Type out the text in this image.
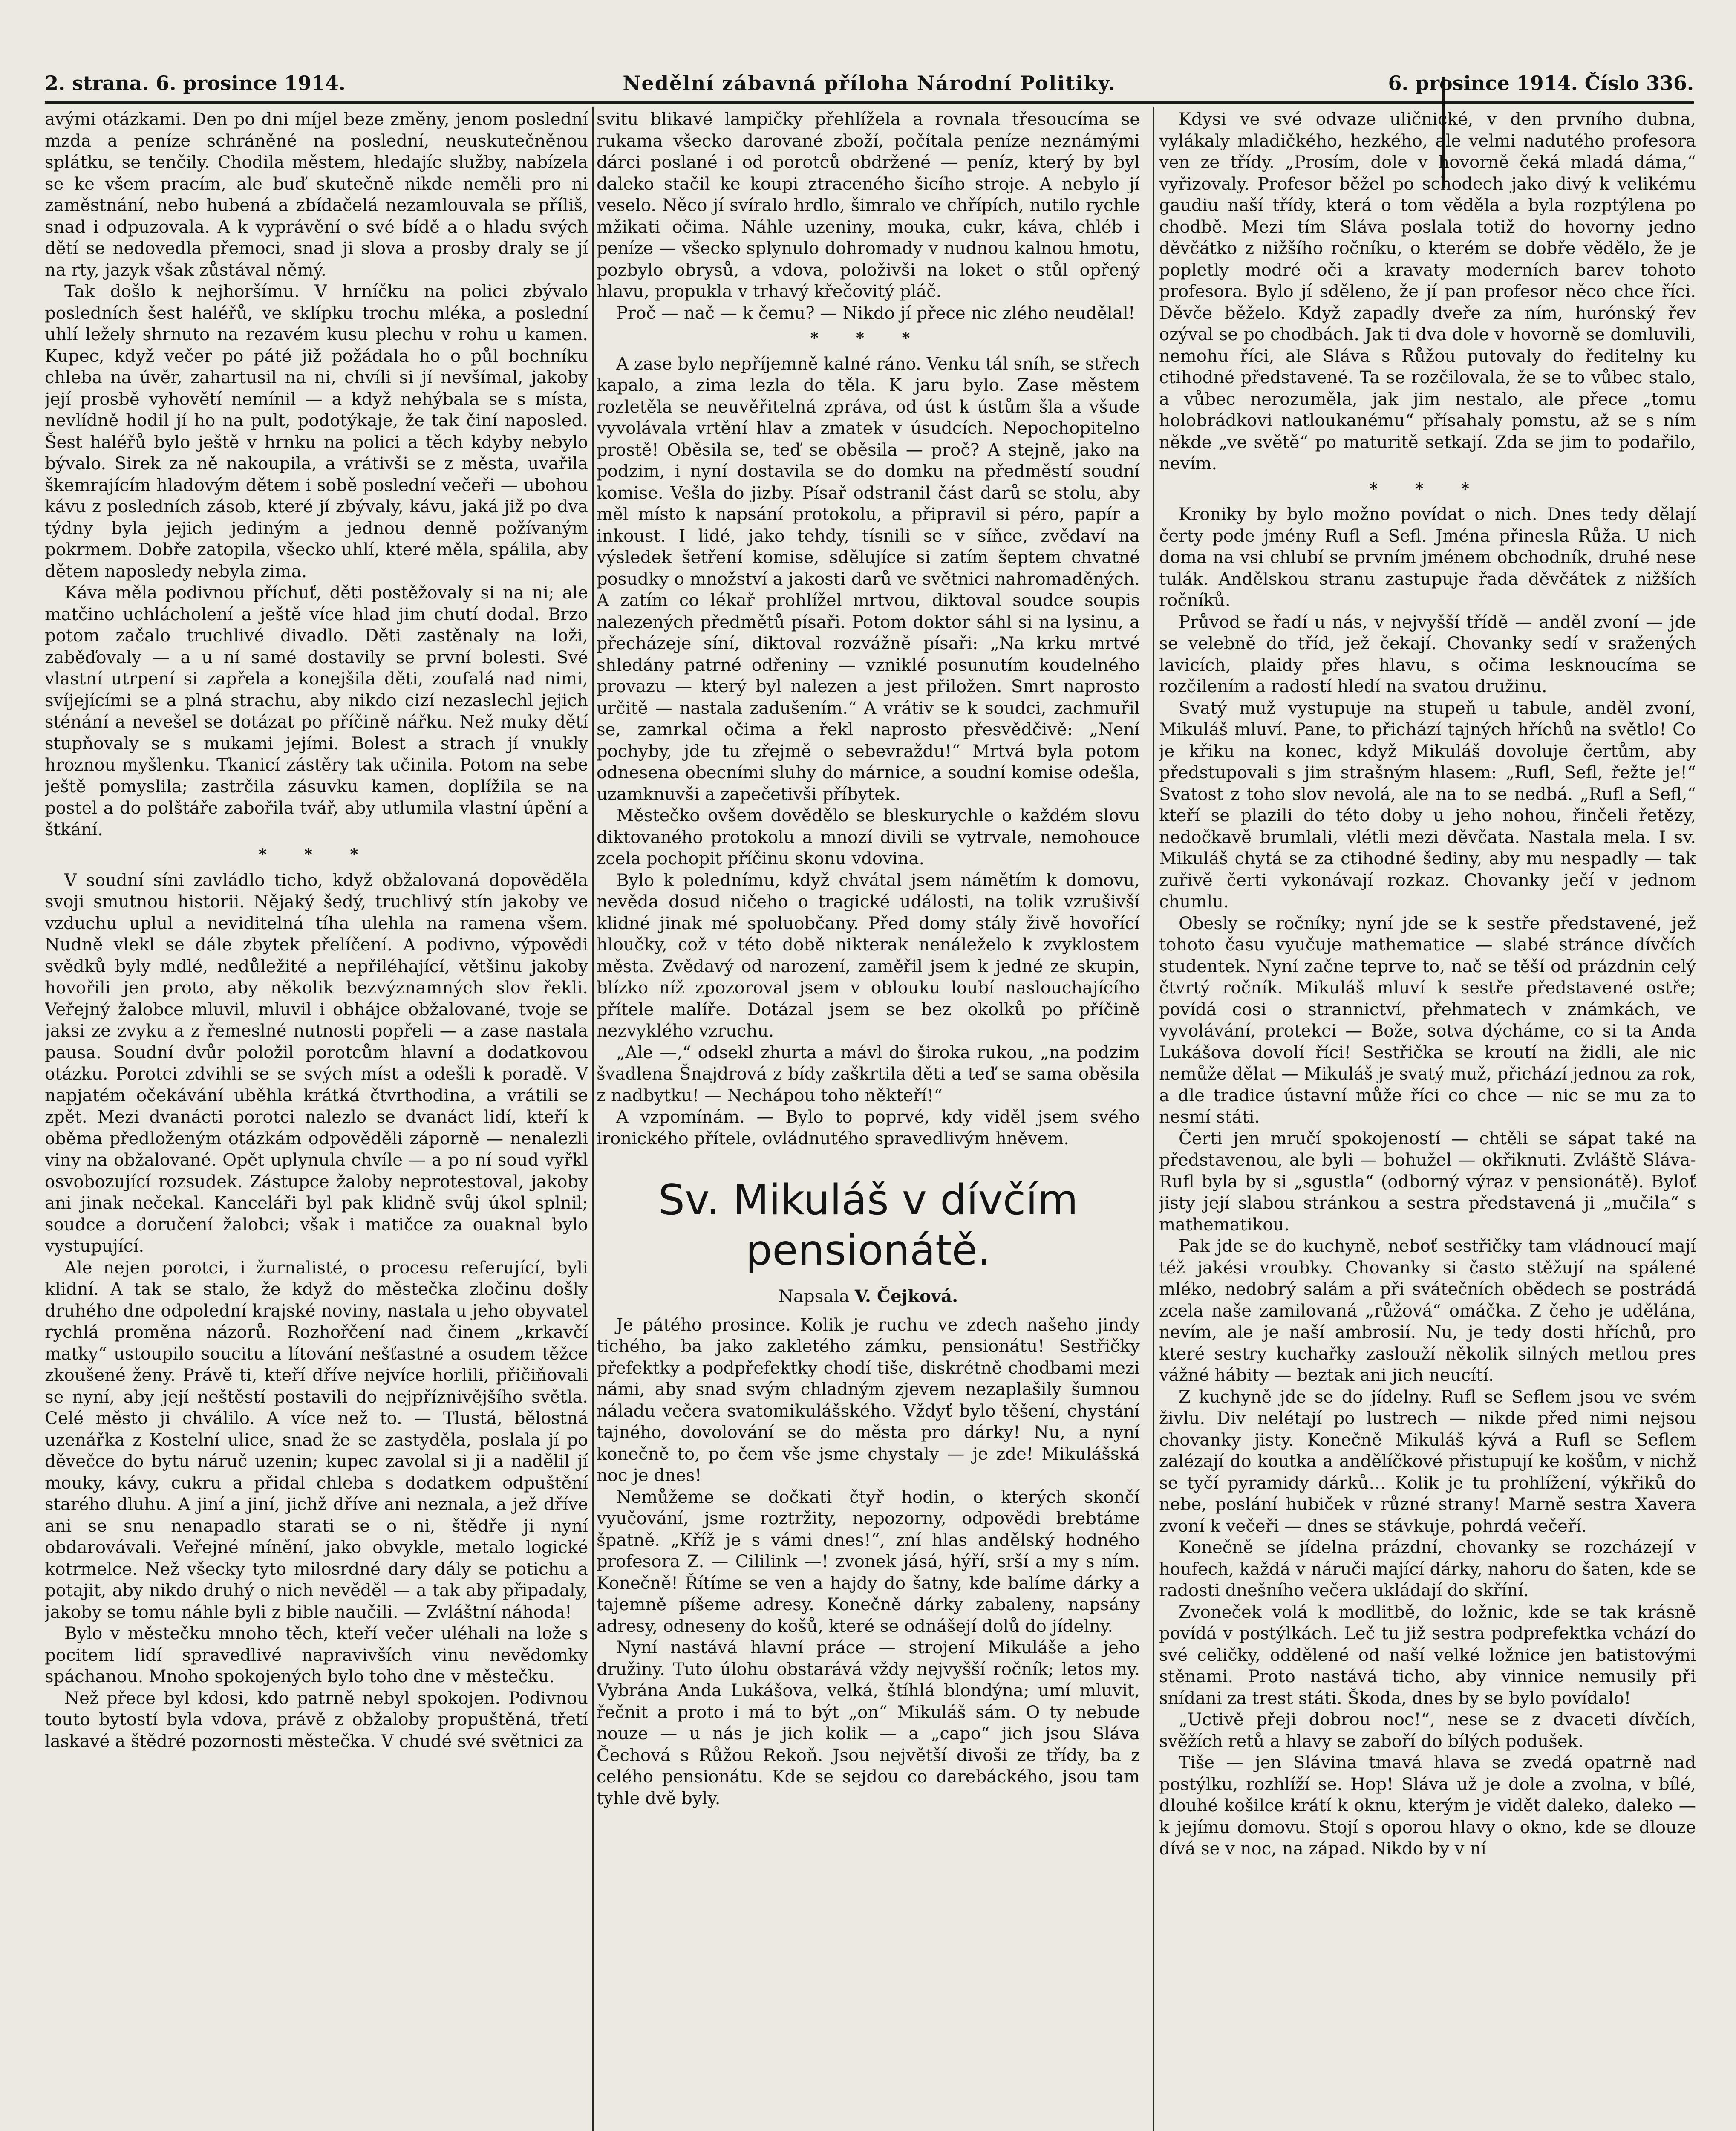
2. strana. 6. prosince 1914.	Nedělní zábavná příloha Národní Politiky.	6. prosince 1914. Číslo 336.

avými otázkami. Den po dni míjel beze změny, jenom poslední mzda a peníze schráněné na poslední, neuskutečněnou splátku, se tenčily. Chodila městem, hledajíc služby, nabízela se ke všem pracím, ale buď skutečně nikde neměli pro ni zaměstnání, nebo hubená a zbídačelá nezamlouvala se příliš, snad i odpuzovala. A k vyprávění o své bídě a o hladu svých dětí se nedovedla přemoci, snad ji slova a prosby draly se jí na rty, jazyk však zůstával němý.

Tak došlo k nejhoršímu. V hrníčku na polici zbývalo posledních šest haléřů, ve sklípku trochu mléka, a poslední uhlí ležely shrnuto na rezavém kusu plechu v rohu u kamen. Kupec, když večer po páté již požádala ho o půl bochníku chleba na úvěr, zahartusil na ni, chvíli si jí nevšímal, jakoby její prosbě vyhovětí nemínil — a když nehýbala se s místa, nevlídně hodil jí ho na pult, podotýkaje, že tak činí naposled. Šest haléřů bylo ještě v hrnku na polici a těch kdyby nebylo bývalo. Sirek za ně nakoupila, a vrátivši se z města, uvařila škemrajícím hladovým dětem i sobě poslední večeři — ubohou kávu z posledních zásob, které jí zbývaly, kávu, jaká již po dva týdny byla jejich jediným a jednou denně požívaným pokrmem. Dobře zatopila, všecko uhlí, které měla, spálila, aby dětem naposledy nebyla zima.

Káva měla podivnou příchuť, děti postěžovaly si na ni; ale matčino uchlácholení a ještě více hlad jim chutí dodal. Brzo potom začalo truchlivé divadlo. Děti zastěnaly na loži, zaběďovaly — a u ní samé dostavily se první bolesti. Své vlastní utrpení si zapřela a konejšila děti, zoufalá nad nimi, svíjejícími se a plná strachu, aby nikdo cizí nezaslechl jejich sténání a nevešel se dotázat po příčině nářku. Než muky dětí stupňovaly se s mukami jejími. Bolest a strach jí vnukly hroznou myšlenku. Tkanicí zástěry tak učinila. Potom na sebe ještě pomyslila; zastrčila zásuvku kamen, doplížila se na postel a do polštáře zabořila tvář, aby utlumila vlastní úpění a štkání.

* * *

V soudní síni zavládlo ticho, když obžalovaná dopověděla svoji smutnou historii. Nějaký šedý, truchlivý stín jakoby ve vzduchu uplul a neviditelná tíha ulehla na ramena všem. Nudně vlekl se dále zbytek přelíčení. A podivno, výpovědi svědků byly mdlé, nedůležité a nepřiléhající, většinu jakoby hovořili jen proto, aby několik bezvýznamných slov řekli. Veřejný žalobce mluvil, mluvil i obhájce obžalované, tvoje se jaksi ze zvyku a z řemeslné nutnosti popřeli — a zase nastala pausa. Soudní dvůr položil porotcům hlavní a dodatkovou otázku. Porotci zdvihli se se svých míst a odešli k poradě. V napjatém očekávání uběhla krátká čtvrthodina, a vrátili se zpět. Mezi dvanácti porotci nalezlo se dvanáct lidí, kteří k oběma předloženým otázkám odpověděli záporně — nenalezli viny na obžalované. Opět uplynula chvíle — a po ní soud vyřkl osvobozující rozsudek. Zástupce žaloby neprotestoval, jakoby ani jinak nečekal. Kanceláři byl pak klidně svůj úkol splnil; soudce a doručení žalobci; však i matičce za ouaknal bylo vystupující.

Ale nejen porotci, i žurnalisté, o procesu referující, byli klidní. A tak se stalo, že když do městečka zločinu došly druhého dne odpolední krajské noviny, nastala u jeho obyvatel rychlá proměna názorů. Rozhořčení nad činem „krkavčí matky“ ustoupilo soucitu a lítování nešťastné a osudem těžce zkoušené ženy. Právě ti, kteří dříve nejvíce horlili, přičiňovali se nyní, aby její neštěstí postavili do nejpříznivějšího světla. Celé město ji chválilo. A více než to. — Tlustá, bělostná uzenářka z Kostelní ulice, snad že se zastyděla, poslala jí po děvečce do bytu náruč uzenin; kupec zavolal si ji a nadělil jí mouky, kávy, cukru a přidal chleba s dodatkem odpuštění starého dluhu. A jiní a jiní, jichž dříve ani neznala, a jež dříve ani se snu nenapadlo starati se o ni, štědře ji nyní obdarovávali. Veřejné mínění, jako obvykle, metalo logické kotrmelce. Než všecky tyto milosrdné dary dály se potichu a potajit, aby nikdo druhý o nich nevěděl — a tak aby připadaly, jakoby se tomu náhle byli z bible naučili. — Zvláštní náhoda!

Bylo v městečku mnoho těch, kteří večer uléhali na lože s pocitem lidí spravedlivé napravivších vinu nevědomky spáchanou. Mnoho spokojených bylo toho dne v městečku.

Než přece byl kdosi, kdo patrně nebyl spokojen. Podivnou touto bytostí byla vdova, právě z obžaloby propuštěná, třetí laskavé a štědré pozornosti městečka. V chudé své světnici za

svitu blikavé lampičky přehlížela a rovnala třesoucíma se rukama všecko darované zboží, počítala peníze neznámými dárci poslané i od porotců obdržené — peníz, který by byl daleko stačil ke koupi ztraceného šicího stroje. A nebylo jí veselo. Něco jí svíralo hrdlo, šimralo ve chřípích, nutilo rychle mžikati očima. Náhle uzeniny, mouka, cukr, káva, chléb i peníze — všecko splynulo dohromady v nudnou kalnou hmotu, pozbylo obrysů, a vdova, položivši na loket o stůl opřený hlavu, propukla v trhavý křečovitý pláč.

Proč — nač — k čemu? — Nikdo jí přece nic zlého neudělal!

* * *

A zase bylo nepříjemně kalné ráno. Venku tál sníh, se střech kapalo, a zima lezla do těla. K jaru bylo. Zase městem rozletěla se neuvěřitelná zpráva, od úst k ústům šla a všude vyvolávala vrtění hlav a zmatek v úsudcích. Nepochopitelno prostě! Oběsila se, teď se oběsila — proč? A stejně, jako na podzim, i nyní dostavila se do domku na předměstí soudní komise. Vešla do jizby. Písař odstranil část darů se stolu, aby měl místo k napsání protokolu, a připravil si péro, papír a inkoust. I lidé, jako tehdy, tísnili se v síňce, zvědaví na výsledek šetření komise, sdělujíce si zatím šeptem chvatné posudky o množství a jakosti darů ve světnici nahromaděných. A zatím co lékař prohlížel mrtvou, diktoval soudce soupis nalezených předmětů písaři. Potom doktor sáhl si na lysinu, a přecházeje síní, diktoval rozvážně písaři: „Na krku mrtvé shledány patrné odřeniny — vzniklé posunutím koudelného provazu — který byl nalezen a jest přiložen. Smrt naprosto určitě — nastala zadušením.“ A vrátiv se k soudci, zachmuřil se, zamrkal očima a řekl naprosto přesvědčivě: „Není pochyby, jde tu zřejmě o sebevraždu!“ Mrtvá byla potom odnesena obecními sluhy do márnice, a soudní komise odešla, uzamknuvši a zapečetivši příbytek.

Městečko ovšem dovědělo se bleskurychle o každém slovu diktovaného protokolu a mnozí divili se vytrvale, nemohouce zcela pochopit příčinu skonu vdovina.

Bylo k polednímu, když chvátal jsem námětím k domovu, nevěda dosud ničeho o tragické události, na tolik vzrušivší klidné jinak mé spoluobčany. Před domy stály živě hovořící hloučky, což v této době nikterak nenáleželo k zvyklostem města. Zvědavý od narození, zaměřil jsem k jedné ze skupin, blízko níž zpozoroval jsem v oblouku loubí naslouchajícího přítele malíře. Dotázal jsem se bez okolků po příčině nezvyklého vzruchu.

„Ale —,“ odsekl zhurta a mávl do široka rukou, „na podzim švadlena Šnajdrová z bídy zaškrtila děti a teď se sama oběsila z nadbytku! — Nechápou toho někteří!“

A vzpomínám. — Bylo to poprvé, kdy viděl jsem svého ironického přítele, ovládnutého spravedlivým hněvem.

Sv. Mikuláš v dívčím pensionátě.
Napsala V. Čejková.

Je pátého prosince. Kolik je ruchu ve zdech našeho jindy tichého, ba jako zakletého zámku, pensionátu! Sestřičky přefektky a podpřefektky chodí tiše, diskrétně chodbami mezi námi, aby snad svým chladným zjevem nezaplašily šumnou náladu večera svatomikulášského. Vždyť bylo těšení, chystání tajného, dovolování se do města pro dárky! Nu, a nyní konečně to, po čem vše jsme chystaly — je zde! Mikulášská noc je dnes!

Nemůžeme se dočkati čtyř hodin, o kterých skončí vyučování, jsme roztržity, nepozorny, odpovědi brebtáme špatně. „Kříž je s vámi dnes!“, zní hlas andělský hodného profesora Z. — Cililink —! zvonek jásá, hýří, srší a my s ním. Konečně! Řítíme se ven a hajdy do šatny, kde balíme dárky a tajemně píšeme adresy. Konečně dárky zabaleny, napsány adresy, odneseny do košů, které se odnášejí dolů do jídelny.

Nyní nastává hlavní práce — strojení Mikuláše a jeho družiny. Tuto úlohu obstarává vždy nejvyšší ročník; letos my. Vybrána Anda Lukášova, velká, štíhlá blondýna; umí mluvit, řečnit a proto i má to být „on“ Mikuláš sám. O ty nebude nouze — u nás je jich kolik — a „capo“ jich jsou Sláva Čechová s Růžou Rekoň. Jsou největší divoši ze třídy, ba z celého pensionátu. Kde se sejdou co darebáckého, jsou tam tyhle dvě byly.

Kdysi ve své odvaze uličnické, v den prvního dubna, vylákaly mladičkého, hezkého, ale velmi nadutého profesora ven ze třídy. „Prosím, dole v hovorně čeká mladá dáma,“ vyřizovaly. Profesor běžel po schodech jako divý k velikému gaudiu naší třídy, která o tom věděla a byla rozptýlena po chodbě. Mezi tím Sláva poslala totiž do hovorny jedno děvčátko z nižšího ročníku, o kterém se dobře vědělo, že je popletly modré oči a kravaty moderních barev tohoto profesora. Bylo jí sděleno, že jí pan profesor něco chce říci. Děvče běželo. Když zapadly dveře za ním, hurónský řev ozýval se po chodbách. Jak ti dva dole v hovorně se domluvili, nemohu říci, ale Sláva s Růžou putovaly do ředitelny ku ctihodné představené. Ta se rozčilovala, že se to vůbec stalo, a vůbec nerozuměla, jak jim nestalo, ale přece „tomu holobrádkovi natloukanému“ přísahaly pomstu, až se s ním někde „ve světě“ po maturitě setkají. Zda se jim to podařilo, nevím.

* * *

Kroniky by bylo možno povídat o nich. Dnes tedy dělají čerty pode jmény Rufl a Sefl. Jména přinesla Růža. U nich doma na vsi chlubí se prvním jménem obchodník, druhé nese tulák. Andělskou stranu zastupuje řada děvčátek z nižších ročníků.

Průvod se řadí u nás, v nejvyšší třídě — anděl zvoní — jde se velebně do tříd, jež čekají. Chovanky sedí v sražených lavicích, plaidy přes hlavu, s očima lesknoucíma se rozčilením a radostí hledí na svatou družinu.

Svatý muž vystupuje na stupeň u tabule, anděl zvoní, Mikuláš mluví. Pane, to přichází tajných hříchů na světlo! Co je křiku na konec, když Mikuláš dovoluje čertům, aby předstupovali s jim strašným hlasem: „Rufl, Sefl, řežte je!“ Svatost z toho slov nevolá, ale na to se nedbá. „Rufl a Sefl,“ kteří se plazili do této doby u jeho nohou, řinčeli řetězy, nedočkavě brumlali, vlétli mezi děvčata. Nastala mela. I sv. Mikuláš chytá se za ctihodné šediny, aby mu nespadly — tak zuřivě čerti vykonávají rozkaz. Chovanky ječí v jednom chumlu.

Obesly se ročníky; nyní jde se k sestře představené, jež tohoto času vyučuje mathematice — slabé stránce dívčích studentek. Nyní začne teprve to, nač se těší od prázdnin celý čtvrtý ročník. Mikuláš mluví k sestře představené ostře; povídá cosi o strannictví, přehmatech v známkách, ve vyvolávání, protekci — Bože, sotva dýcháme, co si ta Anda Lukášova dovolí říci! Sestřička se kroutí na židli, ale nic nemůže dělat — Mikuláš je svatý muž, přichází jednou za rok, a dle tradice ústavní může říci co chce — nic se mu za to nesmí státi.

Čerti jen mručí spokojeností — chtěli se sápat také na představenou, ale byli — bohužel — okřiknuti. Zvláště Sláva-Rufl byla by si „sgustla“ (odborný výraz v pensionátě). Byloť jisty její slabou stránkou a sestra představená ji „mučila“ s mathematikou.

Pak jde se do kuchyně, neboť sestřičky tam vládnoucí mají též jakési vroubky. Chovanky si často stěžují na spálené mléko, nedobrý salám a při svátečních obědech se postrádá zcela naše zamilovaná „růžová“ omáčka. Z čeho je udělána, nevím, ale je naší ambrosií. Nu, je tedy dosti hříchů, pro které sestry kuchařky zaslouží několik silných metlou pres vážné hábity — beztak ani jich neucítí.

Z kuchyně jde se do jídelny. Rufl se Seflem jsou ve svém živlu. Div nelétají po lustrech — nikde před nimi nejsou chovanky jisty. Konečně Mikuláš kývá a Rufl se Seflem zalézají do koutka a andělíčkové přistupují ke košům, v nichž se tyčí pyramidy dárků… Kolik je tu prohlížení, výkřiků do nebe, poslání hubiček v různé strany! Marně sestra Xavera zvoní k večeři — dnes se stávkuje, pohrdá večeří.

Konečně se jídelna prázdní, chovanky se rozcházejí v houfech, každá v náruči mající dárky, nahoru do šaten, kde se radosti dnešního večera ukládají do skříní.

Zvoneček volá k modlitbě, do ložnic, kde se tak krásně povídá v postýlkách. Leč tu již sestra podprefektka vchází do své celičky, oddělené od naší velké ložnice jen batistovými stěnami. Proto nastává ticho, aby vinnice nemusily při snídani za trest státi. Škoda, dnes by se bylo povídalo!

„Uctivě přeji dobrou noc!“, nese se z dvaceti dívčích, svěžích retů a hlavy se zaboří do bílých podušek.

Tiše — jen Slávina tmavá hlava se zvedá opatrně nad postýlku, rozhlíží se. Hop! Sláva už je dole a zvolna, v bílé, dlouhé košilce krátí k oknu, kterým je vidět daleko, daleko — k jejímu domovu. Stojí s oporou hlavy o okno, kde se dlouze dívá se v noc, na západ. Nikdo by v ní
